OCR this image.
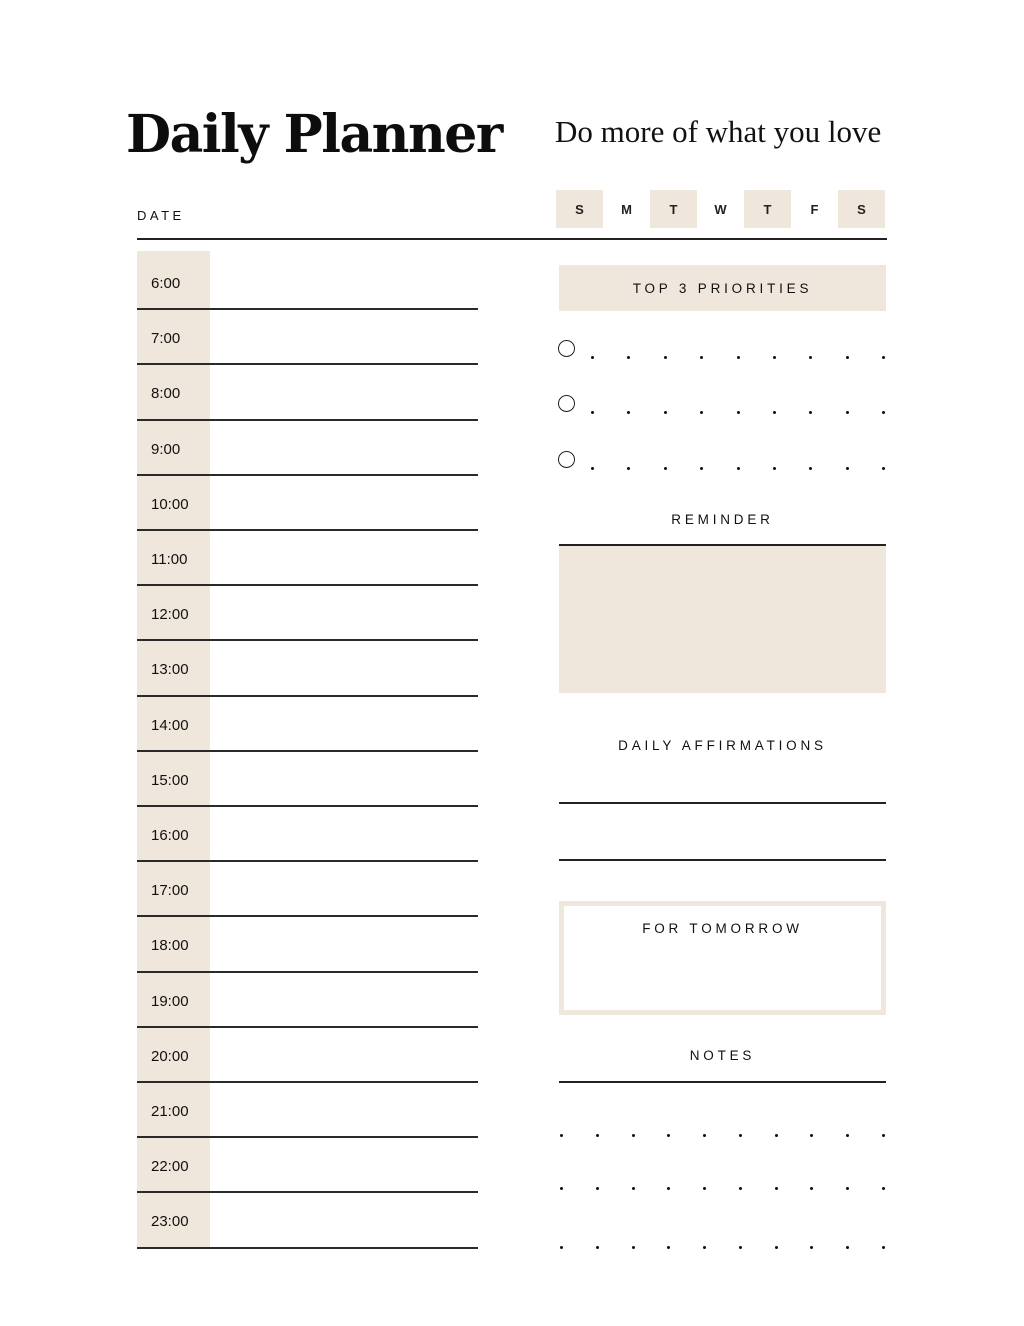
Daily Planner Do more of what you love
DATE	S	M	T	W	T	F	S
6:00
7:00
8:00
9:00
10:00
11:00
12:00
13:00
14:00
15:00
16:00
17:00
18:00
19:00
20:00
21:00
22:00
23:00
TOP 3 PRIORITIES
REMINDER
DAILY AFFIRMATIONS
FOR TOMORROW
NOTES
